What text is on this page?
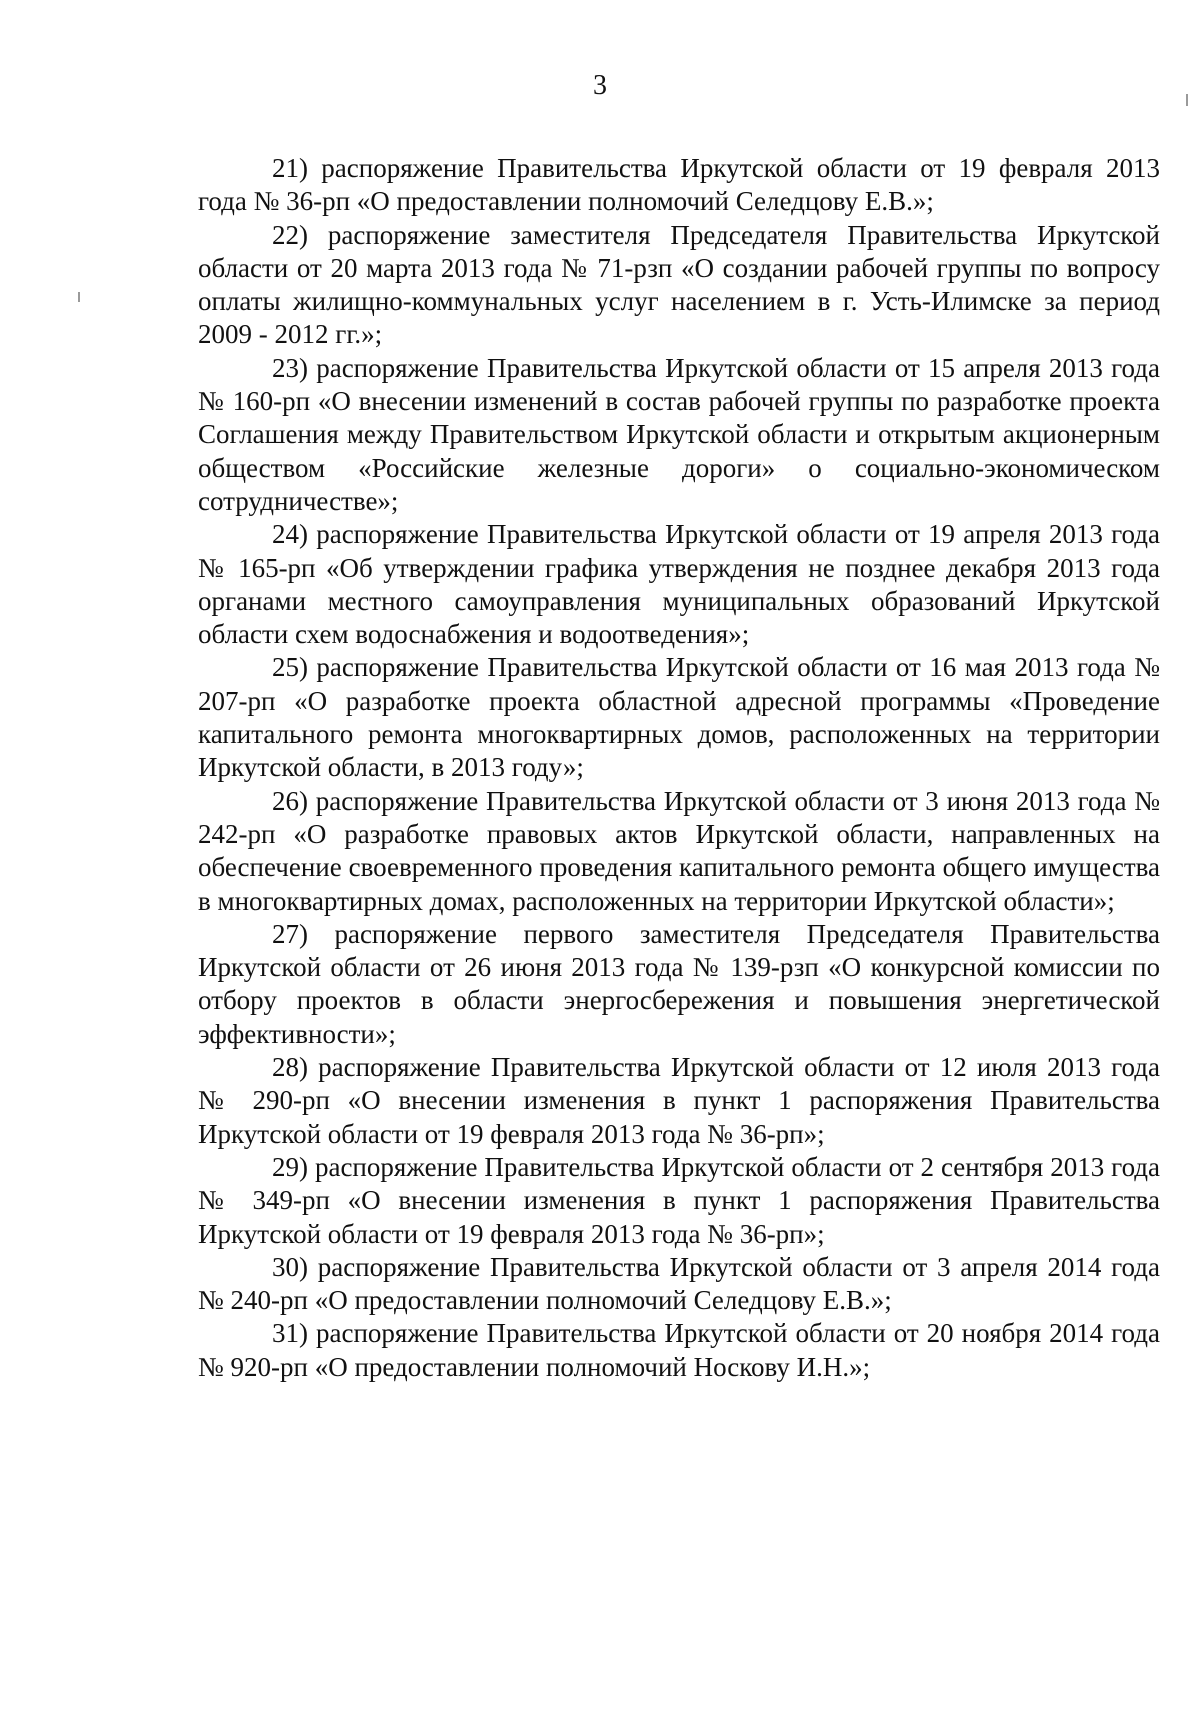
3

21) распоряжение Правительства Иркутской области от 19 февраля 2013 года № 36-рп «О предоставлении полномочий Селедцову Е.В.»;

22) распоряжение заместителя Председателя Правительства Иркутской области от 20 марта 2013 года № 71-рзп «О создании рабочей группы по вопросу оплаты жилищно-коммунальных услуг населением в г. Усть-Илимске за период 2009 - 2012 гг.»;

23) распоряжение Правительства Иркутской области от 15 апреля 2013 года № 160-рп «О внесении изменений в состав рабочей группы по разработке проекта Соглашения между Правительством Иркутской области и открытым акционерным обществом «Российские железные дороги» о социально-экономическом сотрудничестве»;

24) распоряжение Правительства Иркутской области от 19 апреля 2013 года № 165-рп «Об утверждении графика утверждения не позднее декабря 2013 года органами местного самоуправления муниципальных образований Иркутской области схем водоснабжения и водоотведения»;

25) распоряжение Правительства Иркутской области от 16 мая 2013 года № 207-рп «О разработке проекта областной адресной программы «Проведение капитального ремонта многоквартирных домов, расположенных на территории Иркутской области, в 2013 году»;

26) распоряжение Правительства Иркутской области от 3 июня 2013 года № 242-рп «О разработке правовых актов Иркутской области, направленных на обеспечение своевременного проведения капитального ремонта общего имущества в многоквартирных домах, расположенных на территории Иркутской области»;

27) распоряжение первого заместителя Председателя Правительства Иркутской области от 26 июня 2013 года № 139-рзп «О конкурсной комиссии по отбору проектов в области энергосбережения и повышения энергетической эффективности»;

28) распоряжение Правительства Иркутской области от 12 июля 2013 года № 290-рп «О внесении изменения в пункт 1 распоряжения Правительства Иркутской области от 19 февраля 2013 года № 36-рп»;

29) распоряжение Правительства Иркутской области от 2 сентября 2013 года № 349-рп «О внесении изменения в пункт 1 распоряжения Правительства Иркутской области от 19 февраля 2013 года № 36-рп»;

30) распоряжение Правительства Иркутской области от 3 апреля 2014 года № 240-рп «О предоставлении полномочий Селедцову Е.В.»;

31) распоряжение Правительства Иркутской области от 20 ноября 2014 года № 920-рп «О предоставлении полномочий Носкову И.Н.»;
